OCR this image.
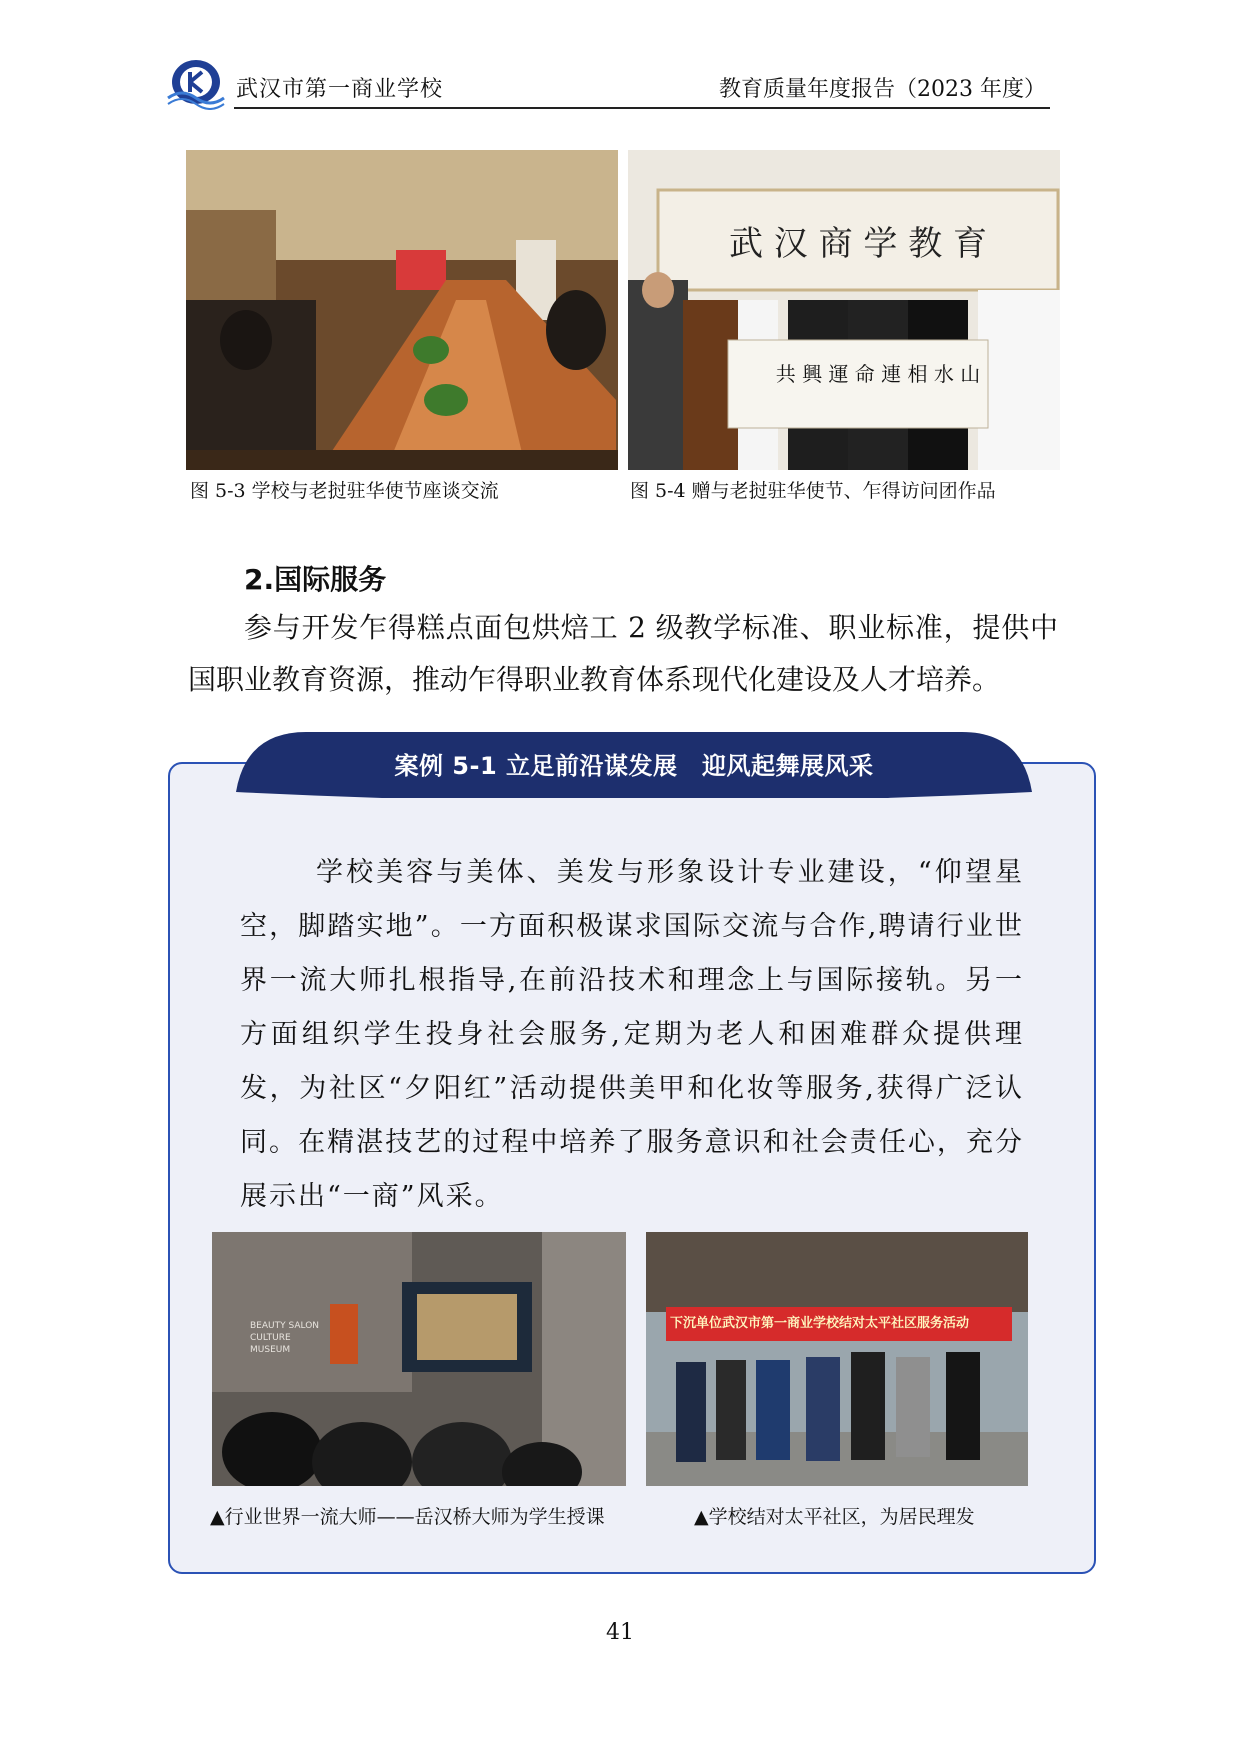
武汉市第一商业学校	教育质量年度报告（2023 年度）
图 5-3 学校与老挝驻华使节座谈交流
武 汉 商 学 教 育
共 興 運 命 連 相 水 山
图 5-4 赠与老挝驻华使节、乍得访问团作品
2.国际服务
参与开发乍得糕点面包烘焙工 2 级教学标准、职业标准，提供中国职业教育资源，推动乍得职业教育体系现代化建设及人才培养。
案例 5-1 立足前沿谋发展　迎风起舞展风采
学校美容与美体、美发与形象设计专业建设，“仰望星空，脚踏实地”。一方面积极谋求国际交流与合作,聘请行业世界一流大师扎根指导,在前沿技术和理念上与国际接轨。另一方面组织学生投身社会服务,定期为老人和困难群众提供理发，为社区“夕阳红”活动提供美甲和化妆等服务,获得广泛认同。在精湛技艺的过程中培养了服务意识和社会责任心，充分展示出“一商”风采。
BEAUTY SALON CULTURE MUSEUM
▲行业世界一流大师——岳汉桥大师为学生授课
下沉单位武汉市第一商业学校结对太平社区服务活动
▲学校结对太平社区，为居民理发
41
